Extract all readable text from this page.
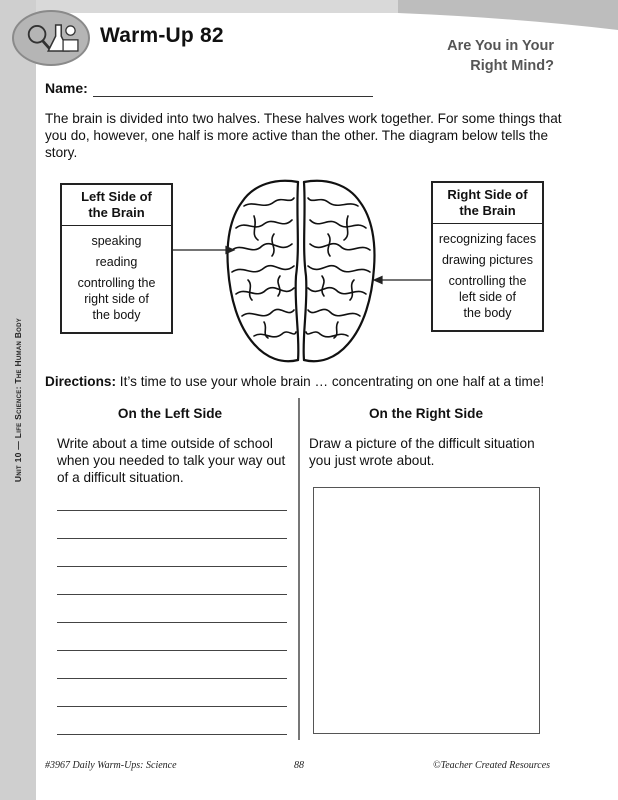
Unit 10 — Life Science: The Human Body
Warm-Up 82	Are You in Your
Right Mind?
Name:
The brain is divided into two halves. These halves work together. For some things that you do, however, one half is more active than the other. The diagram below tells the story.
Left Side of
the Brain
speaking
reading
controlling the
right side of
the body
Right Side of
the Brain
recognizing faces
drawing pictures
controlling the
left side of
the body
Directions: It’s time to use your whole brain … concentrating on one half at a time!
On the Left Side	On the Right Side
Write about a time outside of school when you needed to talk your way out of a difficult situation.
Draw a picture of the difficult situation you just wrote about.
#3967 Daily Warm-Ups: Science	88	©Teacher Created Resources
